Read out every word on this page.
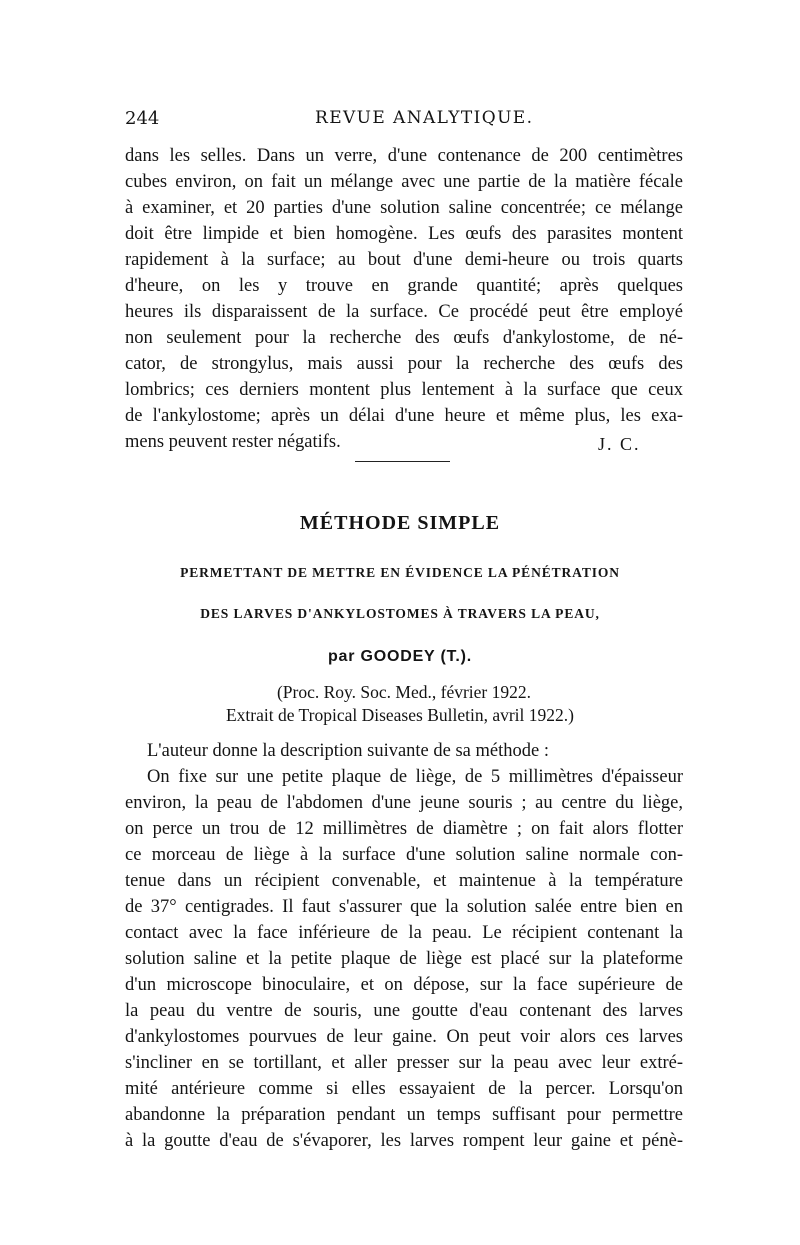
244	REVUE ANALYTIQUE.
dans les selles. Dans un verre, d'une contenance de 200 centimètres
cubes environ, on fait un mélange avec une partie de la matière fécale
à examiner, et 20 parties d'une solution saline concentrée; ce mélange
doit être limpide et bien homogène. Les œufs des parasites montent
rapidement à la surface; au bout d'une demi-heure ou trois quarts
d'heure, on les y trouve en grande quantité; après quelques
heures ils disparaissent de la surface. Ce procédé peut être employé
non seulement pour la recherche des œufs d'ankylostome, de né-
cator, de strongylus, mais aussi pour la recherche des œufs des
lombrics; ces derniers montent plus lentement à la surface que ceux
de l'ankylostome; après un délai d'une heure et même plus, les exa-
mens peuvent rester négatifs.	J. C.
MÉTHODE SIMPLE
PERMETTANT DE METTRE EN ÉVIDENCE LA PÉNÉTRATION
DES LARVES D'ANKYLOSTOMES À TRAVERS LA PEAU,
par GOODEY (T.).
(Proc. Roy. Soc. Med., février 1922.
Extrait de Tropical Diseases Bulletin, avril 1922.)
L'auteur donne la description suivante de sa méthode :
On fixe sur une petite plaque de liège, de 5 millimètres d'épaisseur
environ, la peau de l'abdomen d'une jeune souris ; au centre du liège,
on perce un trou de 12 millimètres de diamètre ; on fait alors flotter
ce morceau de liège à la surface d'une solution saline normale con-
tenue dans un récipient convenable, et maintenue à la température
de 37° centigrades. Il faut s'assurer que la solution salée entre bien en
contact avec la face inférieure de la peau. Le récipient contenant la
solution saline et la petite plaque de liège est placé sur la plateforme
d'un microscope binoculaire, et on dépose, sur la face supérieure de
la peau du ventre de souris, une goutte d'eau contenant des larves
d'ankylostomes pourvues de leur gaine. On peut voir alors ces larves
s'incliner en se tortillant, et aller presser sur la peau avec leur extré-
mité antérieure comme si elles essayaient de la percer. Lorsqu'on
abandonne la préparation pendant un temps suffisant pour permettre
à la goutte d'eau de s'évaporer, les larves rompent leur gaine et pénè-
